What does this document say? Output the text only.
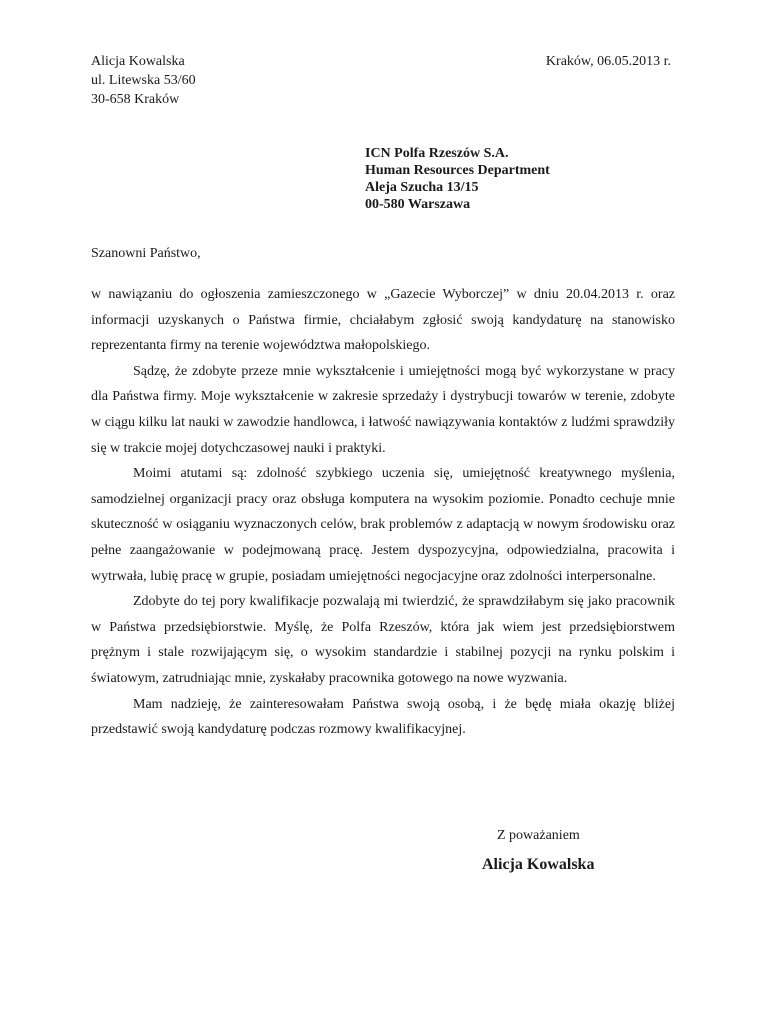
Alicja Kowalska
ul. Litewska 53/60
30-658 Kraków
Kraków, 06.05.2013 r.
ICN Polfa Rzeszów S.A.
Human Resources Department
Aleja Szucha 13/15
00-580 Warszawa
Szanowni Państwo,

w nawiązaniu do ogłoszenia zamieszczonego w „Gazecie Wyborczej” w dniu 20.04.2013 r. oraz informacji uzyskanych o Państwa firmie, chciałabym zgłosić swoją kandydaturę na stanowisko reprezentanta firmy na terenie województwa małopolskiego.

Sądzę, że zdobyte przeze mnie wykształcenie i umiejętności mogą być wykorzystane w pracy dla Państwa firmy. Moje wykształcenie w zakresie sprzedaży i dystrybucji towarów w terenie, zdobyte w ciągu kilku lat nauki w zawodzie handlowca, i łatwość nawiązywania kontaktów z ludźmi sprawdziły się w trakcie mojej dotychczasowej nauki i praktyki.

Moimi atutami są: zdolność szybkiego uczenia się, umiejętność kreatywnego myślenia, samodzielnej organizacji pracy oraz obsługa komputera na wysokim poziomie. Ponadto cechuje mnie skuteczność w osiąganiu wyznaczonych celów, brak problemów z adaptacją w nowym środowisku oraz pełne zaangażowanie w podejmowaną pracę. Jestem dyspozycyjna, odpowiedzialna, pracowita i wytrwała, lubię pracę w grupie, posiadam umiejętności negocjacyjne oraz zdolności interpersonalne.

Zdobyte do tej pory kwalifikacje pozwalają mi twierdzić, że sprawdziłabym się jako pracownik w Państwa przedsiębiorstwie. Myślę, że Polfa Rzeszów, która jak wiem jest przedsiębiorstwem prężnym i stale rozwijającym się, o wysokim standardzie i stabilnej pozycji na rynku polskim i światowym, zatrudniając mnie, zyskałaby pracownika gotowego na nowe wyzwania.

Mam nadzieję, że zainteresowałam Państwa swoją osobą, i że będę miała okazję bliżej przedstawić swoją kandydaturę podczas rozmowy kwalifikacyjnej.

Z poważaniem
Alicja Kowalska
